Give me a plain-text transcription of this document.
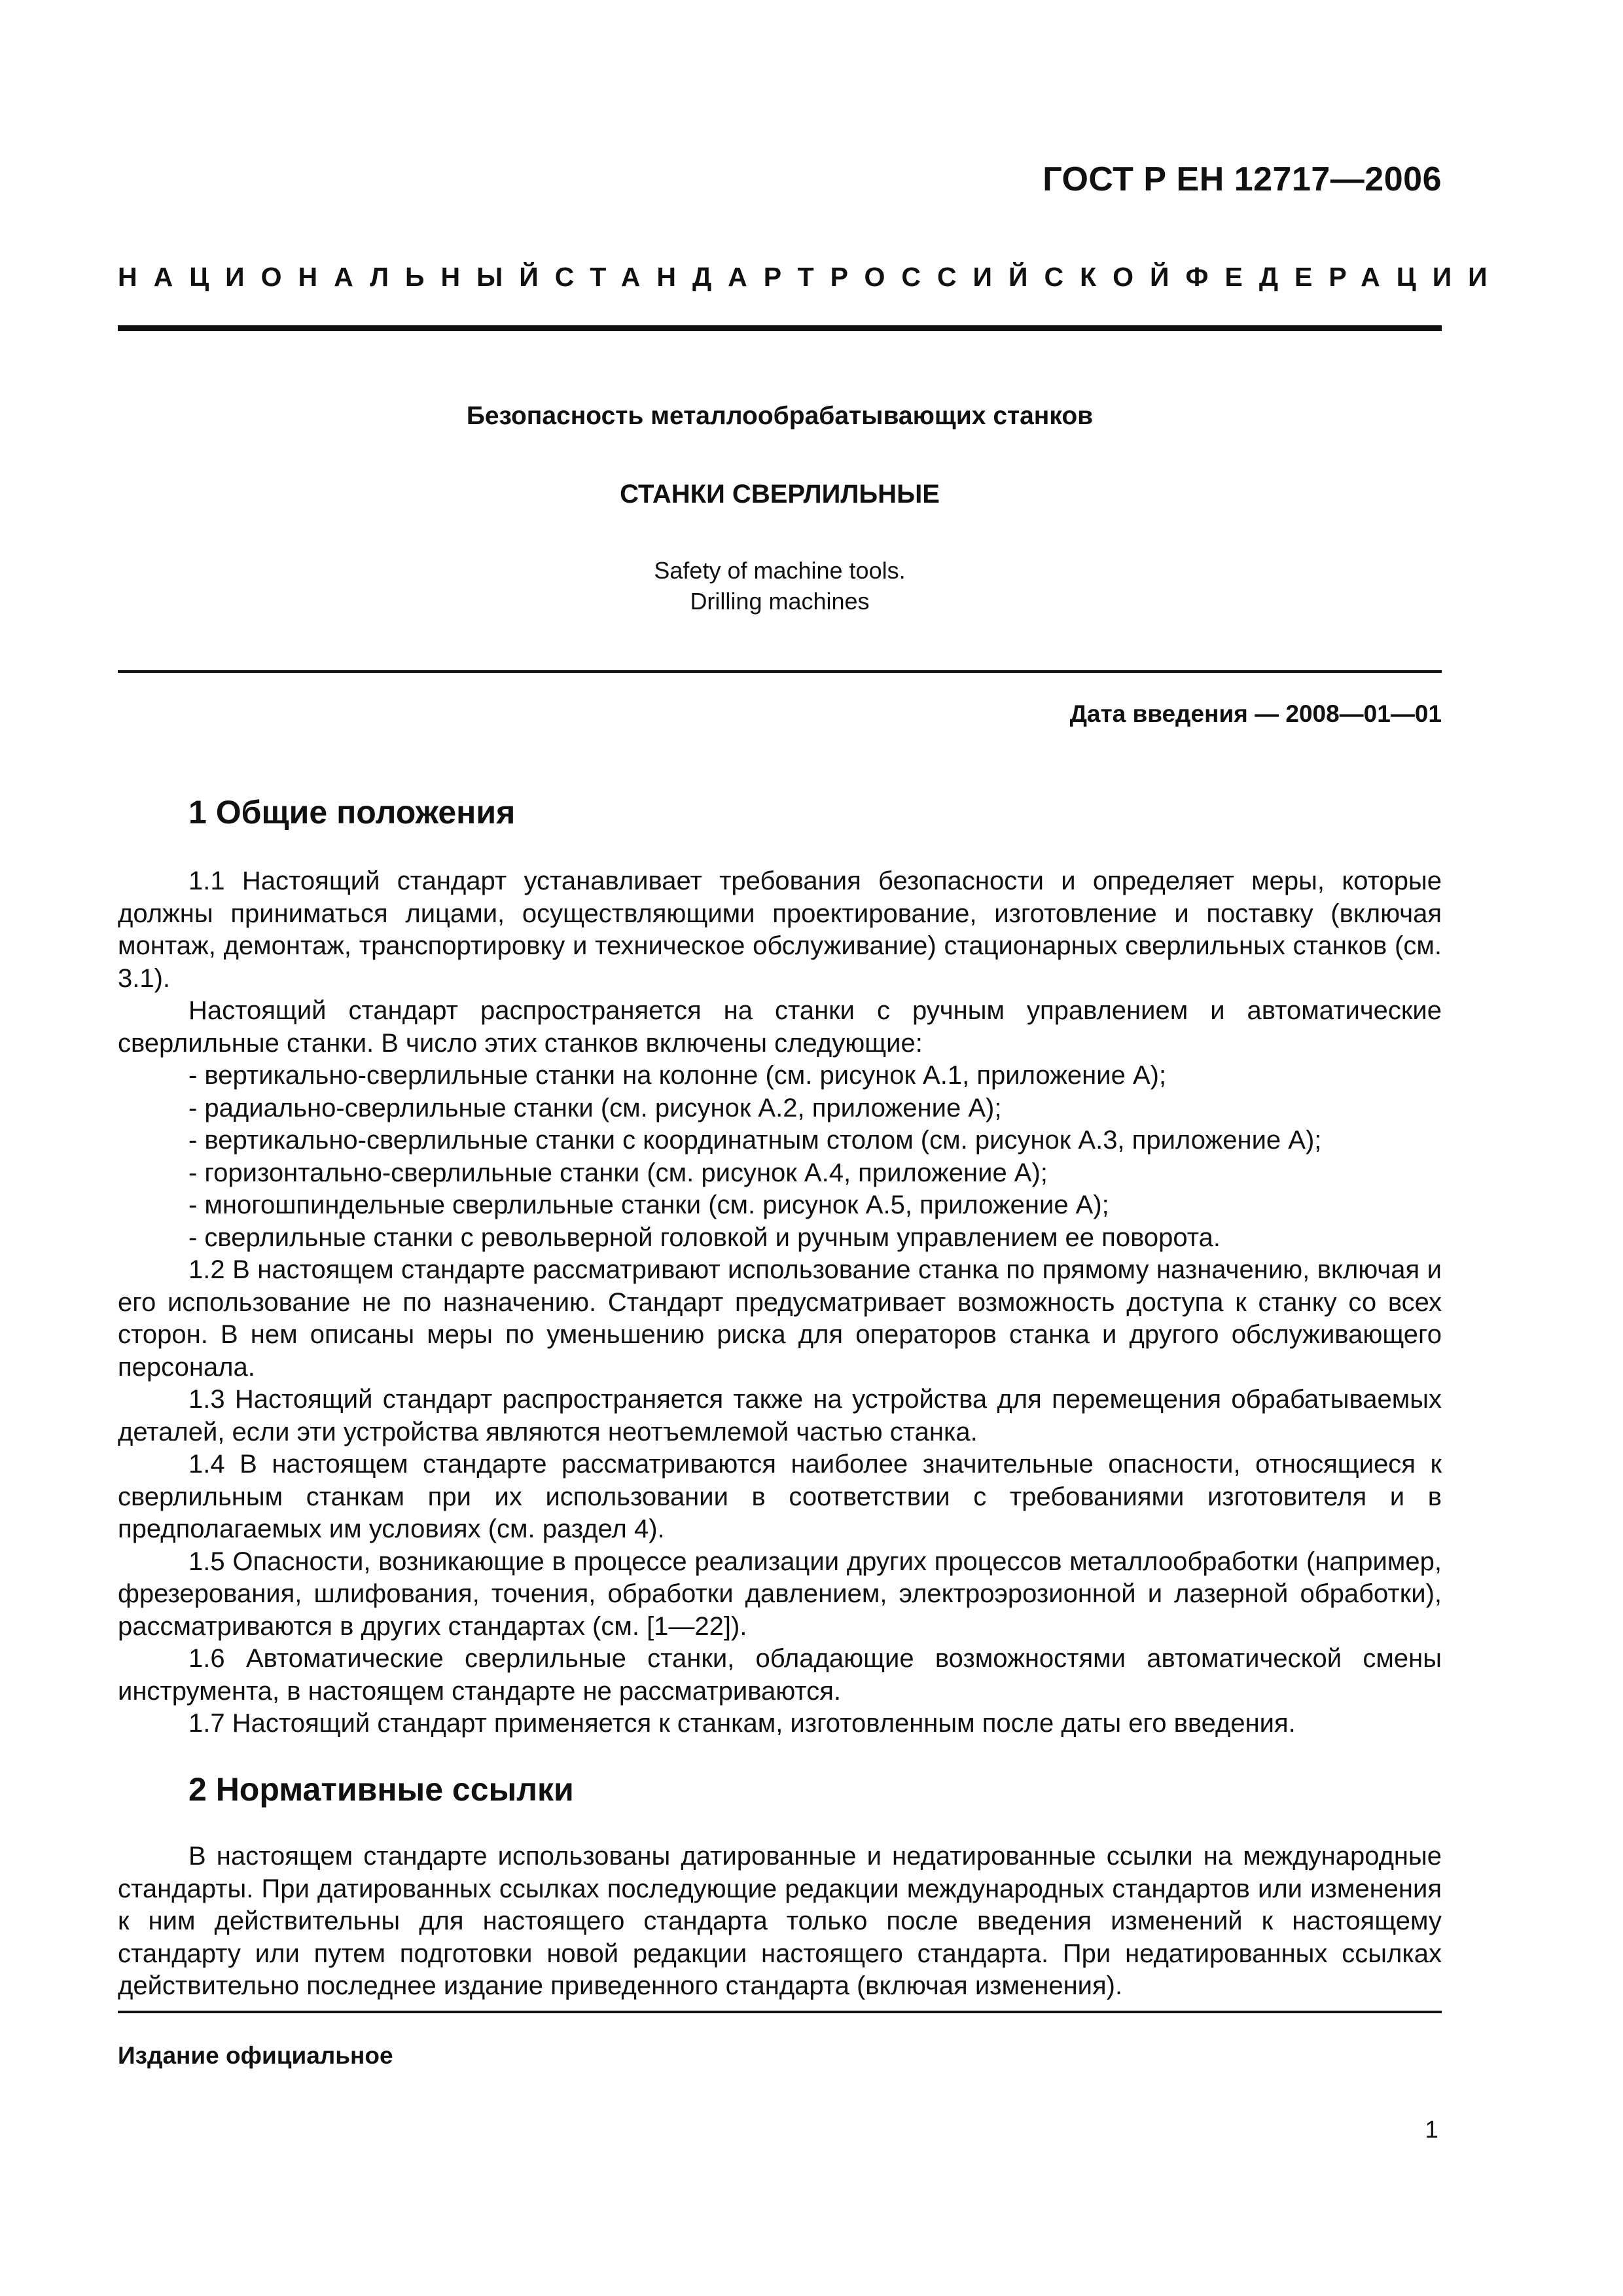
ГОСТ Р ЕН 12717—2006
НАЦИОНАЛЬНЫЙ СТАНДАРТ РОССИЙСКОЙ ФЕДЕРАЦИИ
Безопасность металлообрабатывающих станков
СТАНКИ СВЕРЛИЛЬНЫЕ
Safety of machine tools.
Drilling machines
Дата введения — 2008—01—01
1 Общие положения

1.1 Настоящий стандарт устанавливает требования безопасности и определяет меры, которые должны приниматься лицами, осуществляющими проектирование, изготовление и поставку (включая монтаж, демонтаж, транспортировку и техническое обслуживание) стационарных сверлильных станков (см. 3.1).

Настоящий стандарт распространяется на станки с ручным управлением и автоматические сверлильные станки. В число этих станков включены следующие:

- вертикально-сверлильные станки на колонне (см. рисунок А.1, приложение А);

- радиально-сверлильные станки (см. рисунок А.2, приложение А);

- вертикально-сверлильные станки с координатным столом (см. рисунок А.3, приложение А);

- горизонтально-сверлильные станки (см. рисунок А.4, приложение А);

- многошпиндельные сверлильные станки (см. рисунок А.5, приложение А);

- сверлильные станки с револьверной головкой и ручным управлением ее поворота.

1.2 В настоящем стандарте рассматривают использование станка по прямому назначению, включая и его использование не по назначению. Стандарт предусматривает возможность доступа к станку со всех сторон. В нем описаны меры по уменьшению риска для операторов станка и другого обслуживающего персонала.

1.3 Настоящий стандарт распространяется также на устройства для перемещения обрабатываемых деталей, если эти устройства являются неотъемлемой частью станка.

1.4 В настоящем стандарте рассматриваются наиболее значительные опасности, относящиеся к сверлильным станкам при их использовании в соответствии с требованиями изготовителя и в предполагаемых им условиях (см. раздел 4).

1.5 Опасности, возникающие в процессе реализации других процессов металлообработки (например, фрезерования, шлифования, точения, обработки давлением, электроэрозионной и лазерной обработки), рассматриваются в других стандартах (см. [1—22]).

1.6 Автоматические сверлильные станки, обладающие возможностями автоматической смены инструмента, в настоящем стандарте не рассматриваются.

1.7 Настоящий стандарт применяется к станкам, изготовленным после даты его введения.

2 Нормативные ссылки

В настоящем стандарте использованы датированные и недатированные ссылки на международные стандарты. При датированных ссылках последующие редакции международных стандартов или изменения к ним действительны для настоящего стандарта только после введения изменений к настоящему стандарту или путем подготовки новой редакции настоящего стандарта. При недатированных ссылках действительно последнее издание приведенного стандарта (включая изменения).

Издание официальное
1
